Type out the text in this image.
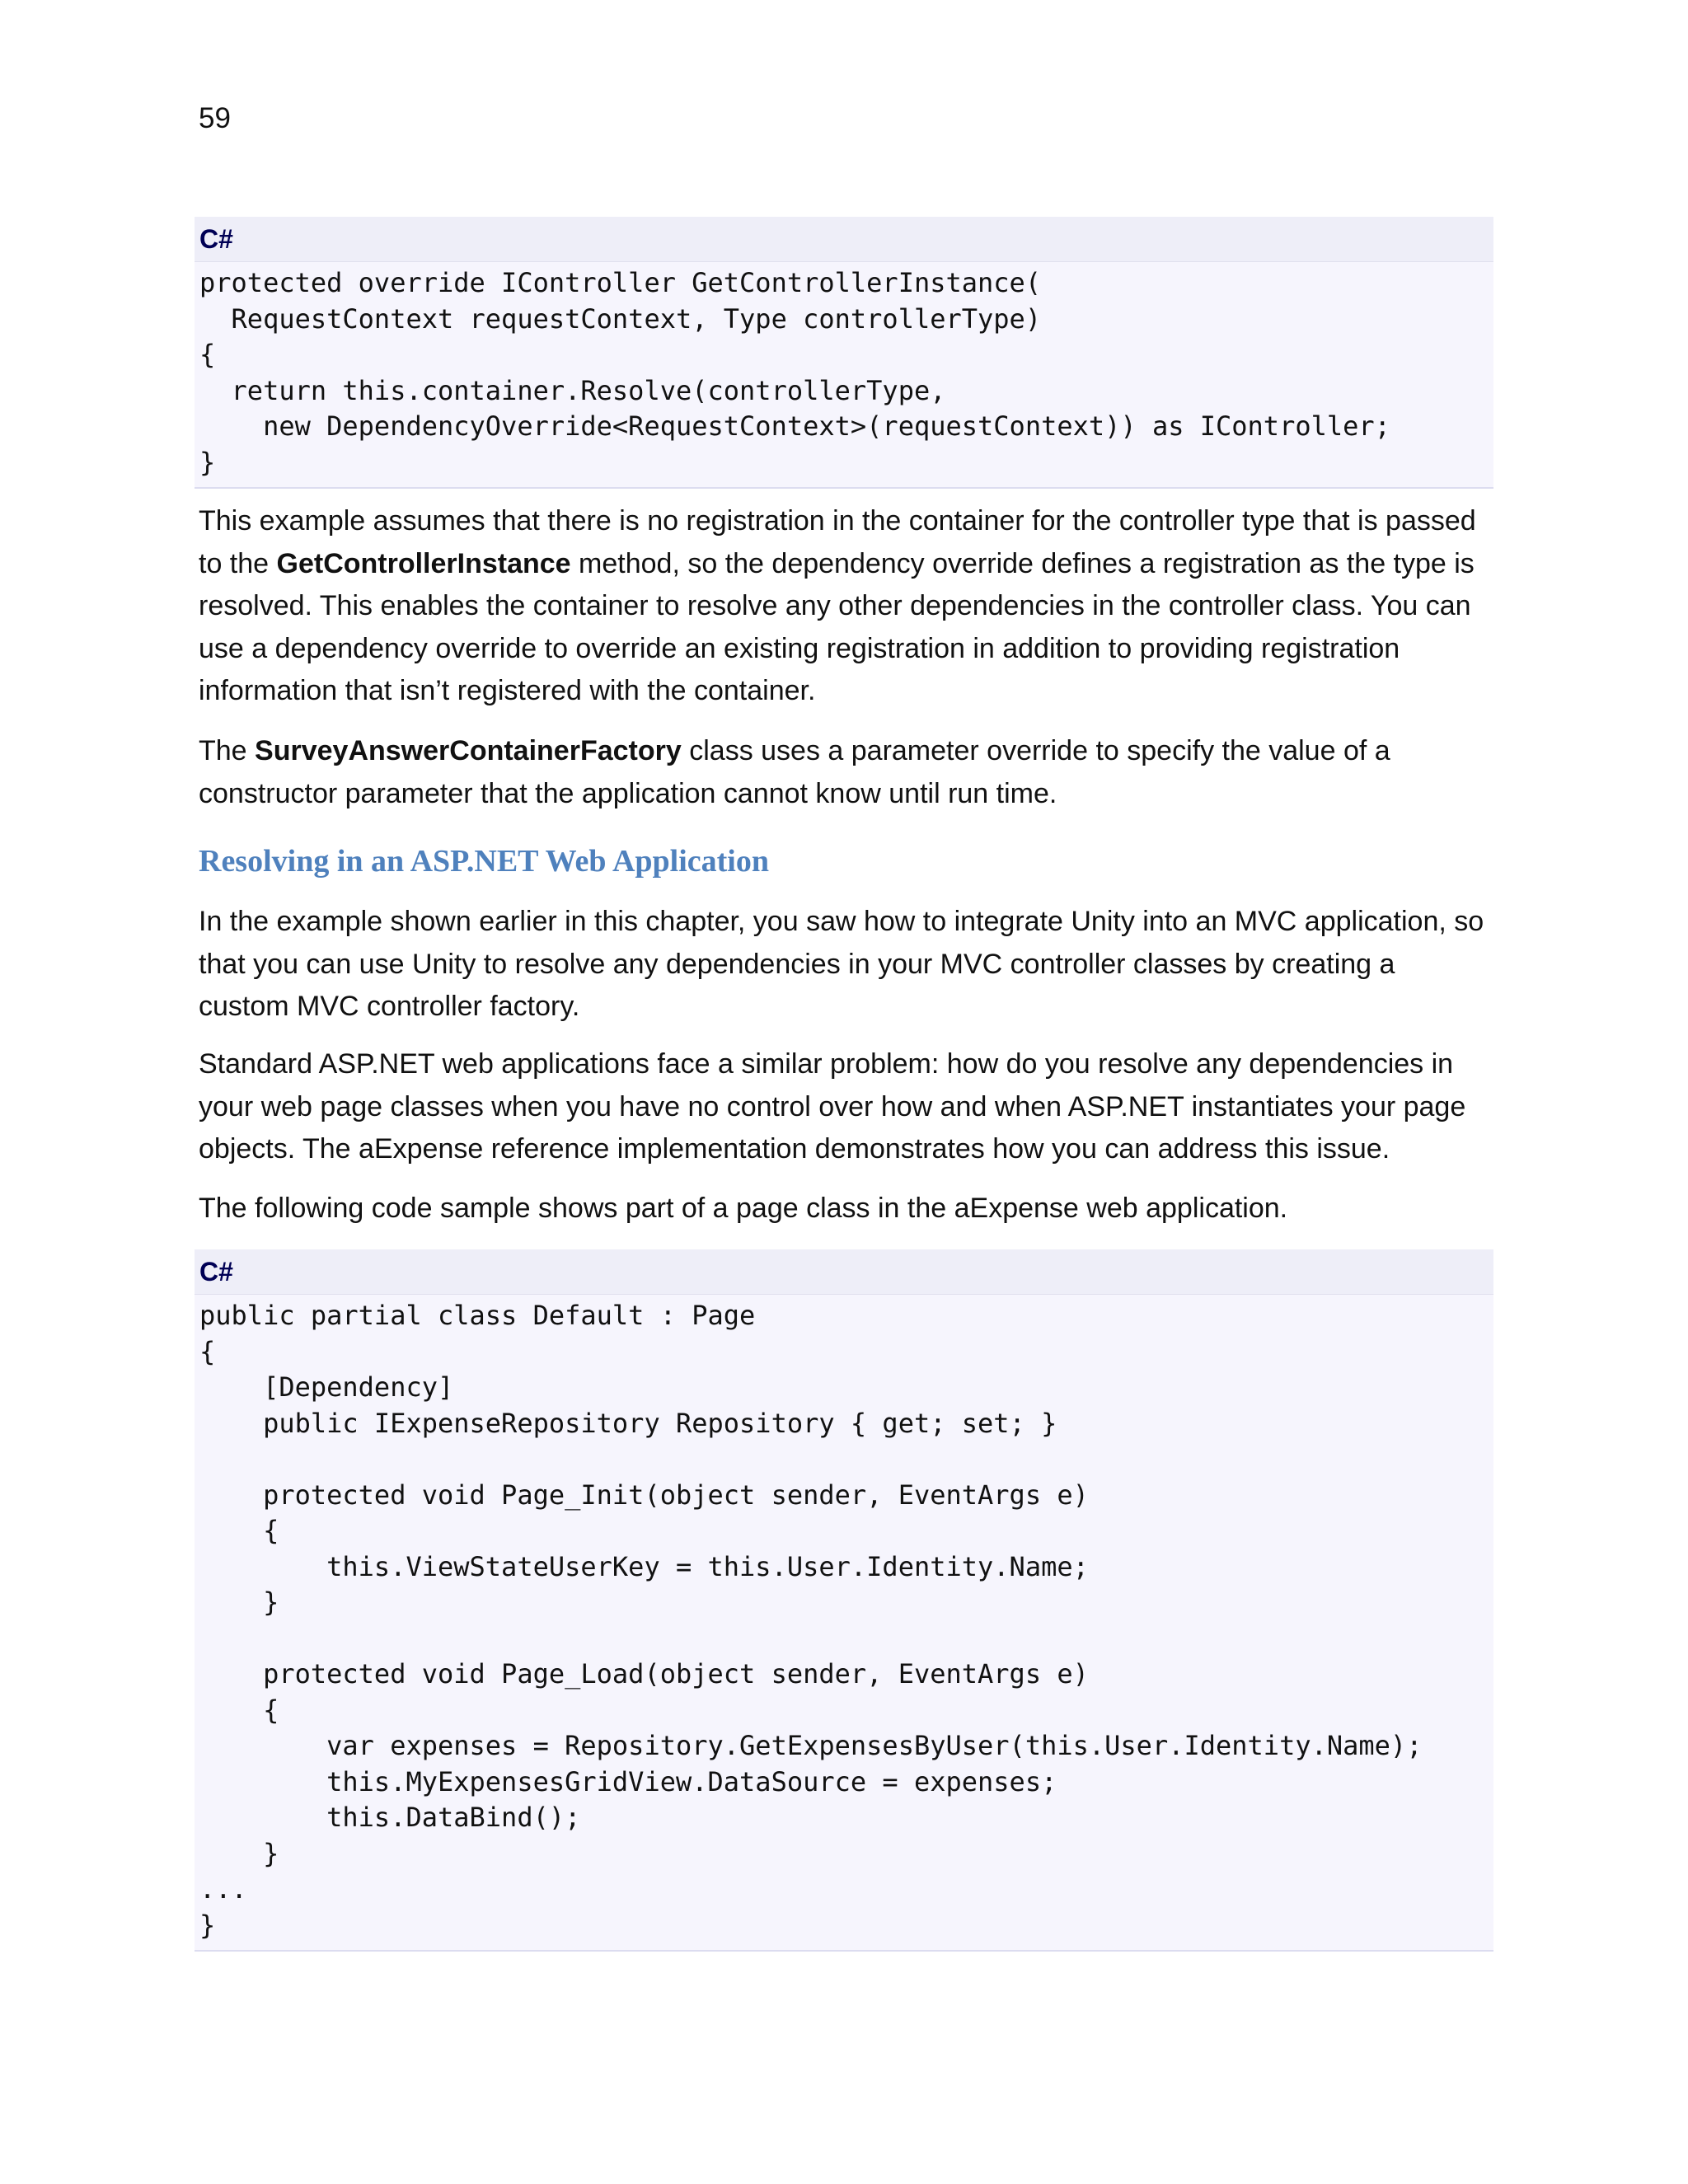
59
C#
protected override IController GetControllerInstance(
RequestContext requestContext, Type controllerType)
{
return this.container.Resolve(controllerType,
new DependencyOverride<RequestContext>(requestContext)) as IController;
}

This example assumes that there is no registration in the container for the controller type that is passed to the GetControllerInstance method, so the dependency override defines a registration as the type is resolved. This enables the container to resolve any other dependencies in the controller class. You can use a dependency override to override an existing registration in addition to providing registration information that isn’t registered with the container.

The SurveyAnswerContainerFactory class uses a parameter override to specify the value of a constructor parameter that the application cannot know until run time.

Resolving in an ASP.NET Web Application

In the example shown earlier in this chapter, you saw how to integrate Unity into an MVC application, so that you can use Unity to resolve any dependencies in your MVC controller classes by creating a custom MVC controller factory.

Standard ASP.NET web applications face a similar problem: how do you resolve any dependencies in your web page classes when you have no control over how and when ASP.NET instantiates your page objects. The aExpense reference implementation demonstrates how you can address this issue.

The following code sample shows part of a page class in the aExpense web application.

C#
public partial class Default : Page
{
[Dependency]
public IExpenseRepository Repository { get; set; }
protected void Page_Init(object sender, EventArgs e)
{
this.ViewStateUserKey = this.User.Identity.Name;
}
protected void Page_Load(object sender, EventArgs e)
{
var expenses = Repository.GetExpensesByUser(this.User.Identity.Name);
this.MyExpensesGridView.DataSource = expenses;
this.DataBind();
}
...
}
